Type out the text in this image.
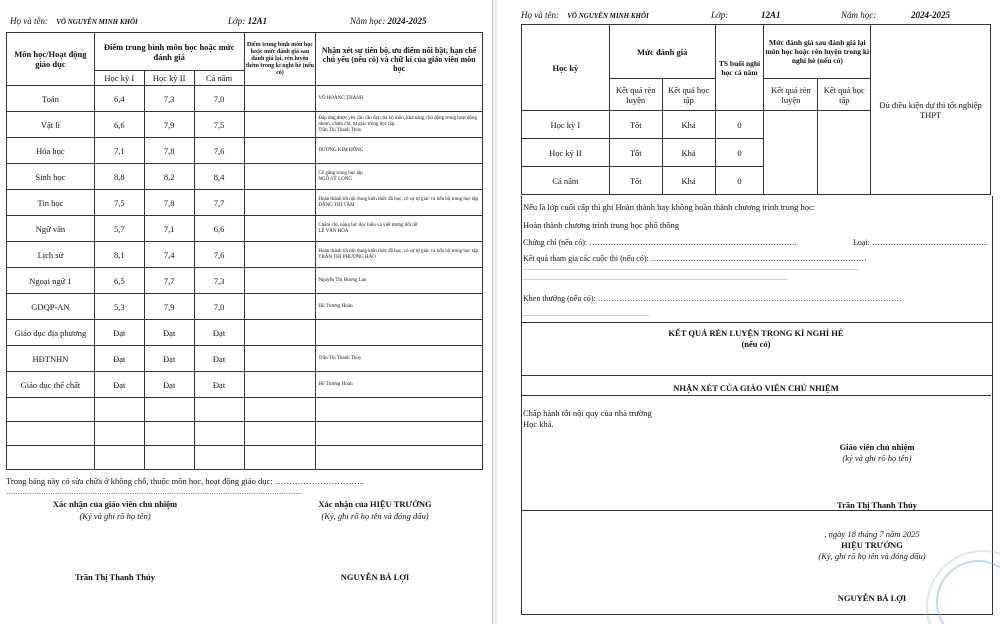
Họ và tên: VÕ NGUYỄN MINH KHÔI	Lớp: 12A1	Năm học: 2024-2025
Môn học/Hoạt động giáo dục	Điểm trung bình môn học hoặc mức đánh giá			Điểm trung bình môn học hoặc mức đánh giá sau đánh giá lại, rèn luyện thêm trong kì nghỉ hè (nếu có)	Nhận xét sự tiến bộ, ưu điểm nổi bật, hạn chế chủ yếu (nếu có) và chữ kí của giáo viên môn học
	Học kỳ I	Học kỳ II	Cả năm		
Toán	6,4	7,3	7,0		VÕ HOÀNG THÀNH

Vật lí	6,6	7,9	7,5		Đáp ứng được yêu cầu cần đạt của bộ môn, khả năng chủ động trong hoạt động nhóm, chăm chỉ, tự giác trong học tập.
Trần Thị Thanh Thủy

Hóa học	7,1	7,8	7,6		DƯƠNG KIM ĐÔNG

Sinh học	8,8	8,2	8,4		Cố gắng trong học tập
NGÔ SỸ LONG

Tin học	7,5	7,8	7,7		Hoàn thành tốt nội dung kiến thức đã học, có sự tự giác và tiến bộ trong học tập
ĐẶNG THỊ TÂM

Ngữ văn	5,7	7,1	6,6		Chăm chỉ, năng lực đọc hiểu và viết tương đối tốt
LÊ VĂN HÒA

Lịch sử	8,1	7,4	7,6		Hoàn thành tốt nội dung kiến thức đã học, có sự tự giác và tiến bộ trong học tập
TRẦN THỊ PHƯƠNG HẢO

Ngoại ngữ 1	6,5	7,7	7,3		Nguyễn Thị Hương Lan

GDQP-AN	5,3	7,9	7,0		Hồ Trương Hoàn

Giáo dục địa phương	Đạt	Đạt	Đạt		

HĐTNHN	Đạt	Đạt	Đạt		Trần Thị Thanh Thủy

Giáo dục thể chất	Đạt	Đạt	Đạt		Hồ Trương Hoàn

Trong bảng này có sửa chữa ở không chỗ, thuộc môn học, hoạt động giáo dục: …………………………..
……………………………………………………………………………………………………………….
Xác nhận của giáo viên chủ nhiệm
(Ký và ghi rõ họ tên)
Trần Thị Thanh Thúy
Xác nhận của HIỆU TRƯỞNG
(Ký, ghi rõ họ tên và đóng dấu)
NGUYỄN BÁ LỢI
Họ và tên: VÕ NGUYỄN MINH KHÔI	Lớp:	12A1	Năm học:	2024-2025
Học kỳ	Mức đánh giá		TS buổi nghỉ học cả năm	Mức đánh giá sau đánh giá lại môn học hoặc rèn luyện trong kì nghỉ hè (nếu có)		Đủ điều kiện dự thi tốt nghiệp THPT
	Kết quả rèn luyện	Kết quả học tập		Kết quả rèn luyện	Kết quả học tập	
Học kỳ I	Tốt	Khá	0			
Học kỳ II	Tốt	Khá	0			
Cả năm	Tốt	Khá	0			
Nếu là lớp cuối cấp thì ghi Hoàn thành hay không hoàn thành chương trình trung học:
Hoàn thành chương trình trung học phổ thông
Chứng chỉ (nếu có): ……………………………………………………………………	Loại: ……………………………………..
Kết quả tham gia các cuộc thi (nếu có): ………………………………………………………………………
……………………………………………………………………………………………………………………………………………………
……………………………………………………………………………………………………………………
Khen thưởng (nếu có): ……………………………………………………………………………………………………
………………………………………………………
KẾT QUẢ RÈN LUYỆN TRONG KÌ NGHỈ HÈ
(nếu có)
NHẬN XÉT CỦA GIÁO VIÊN CHỦ NHIỆM
Chấp hành tốt nội quy của nhà trường
Học khá.
Giáo viên chủ nhiệm
(ký và ghi rõ họ tên)
Trần Thị Thanh Thủy
, ngày 18 tháng 7 năm 2025
HIỆU TRƯỞNG
(Ký, ghi rõ họ tên và đóng dấu)
NGUYỄN BÁ LỢI
